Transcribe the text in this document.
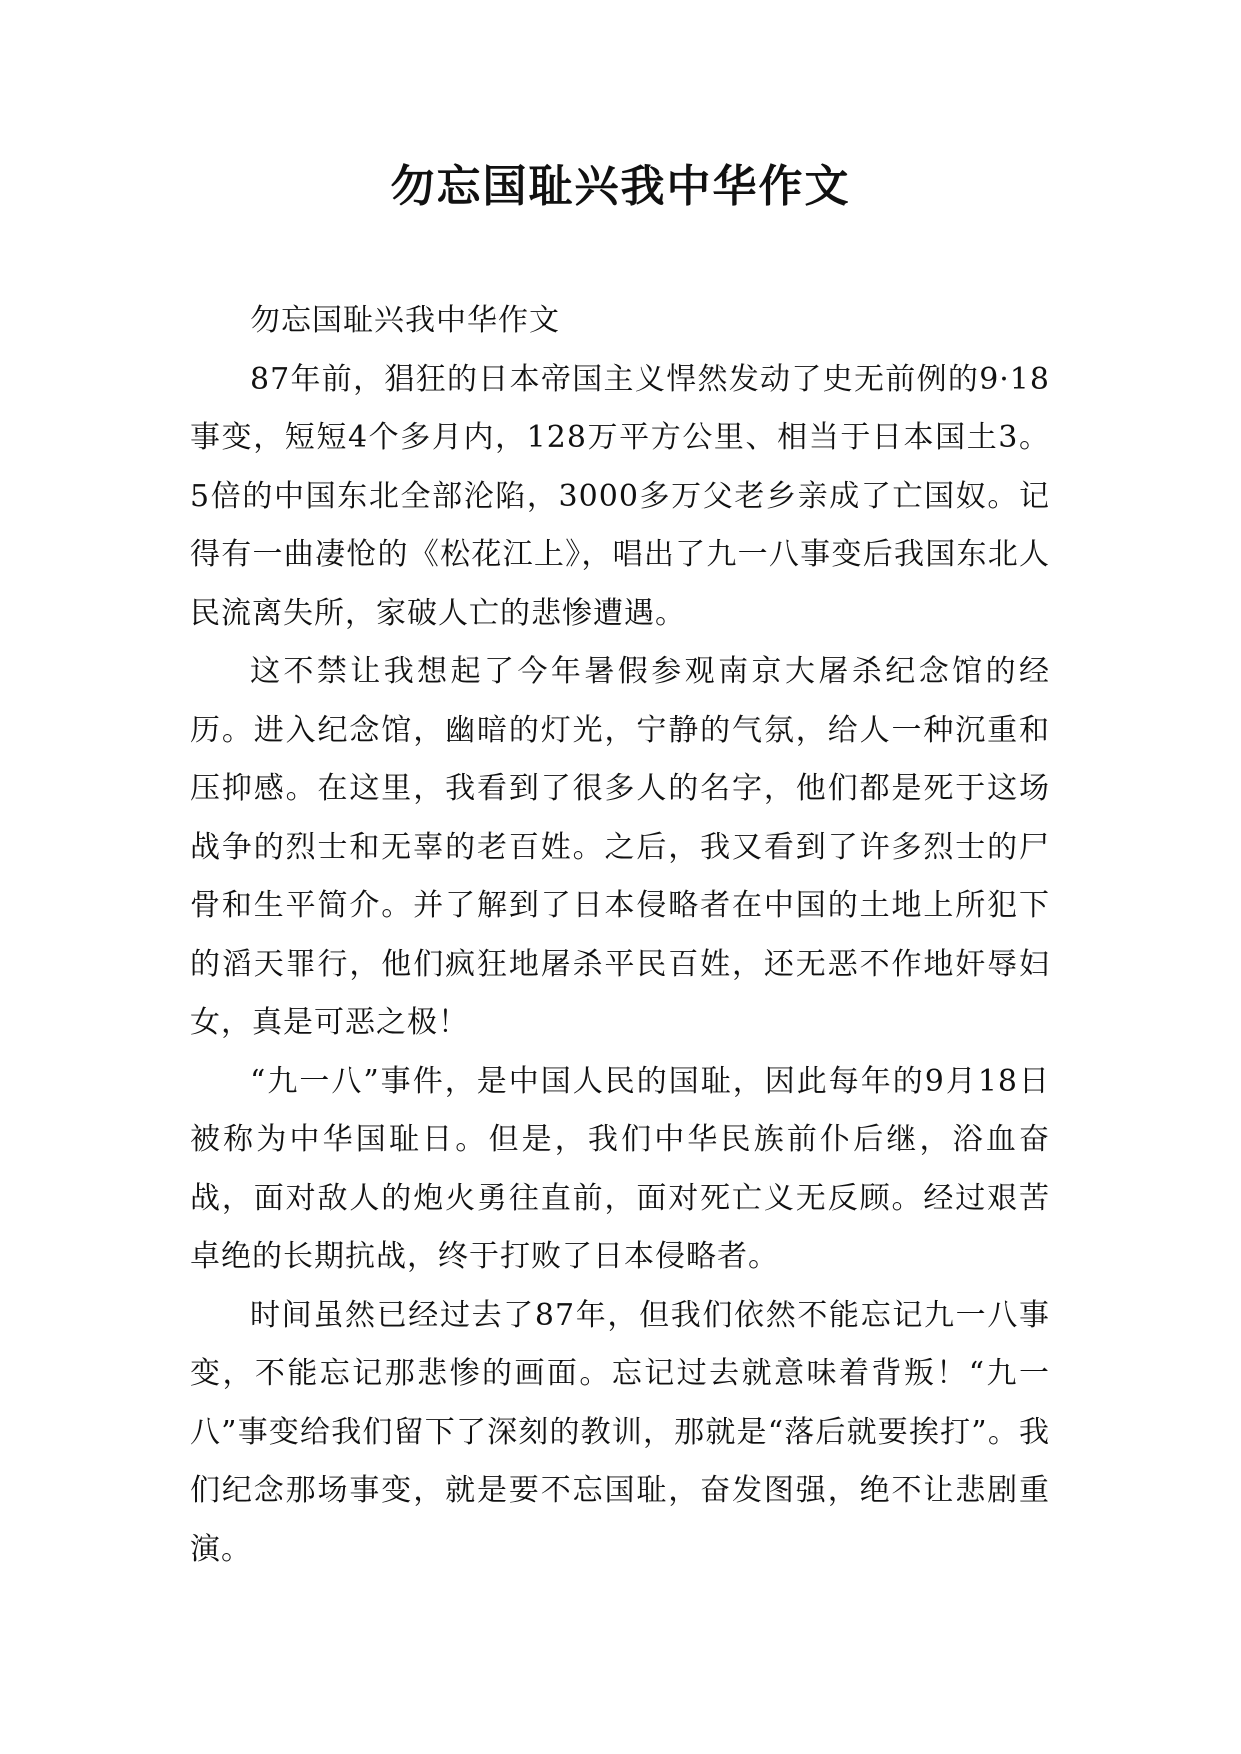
勿忘国耻兴我中华作文

勿忘国耻兴我中华作文

87年前，猖狂的日本帝国主义悍然发动了史无前例的9·18事变，短短4个多月内，128万平方公里、相当于日本国土3。5倍的中国东北全部沦陷，3000多万父老乡亲成了亡国奴。记得有一曲凄怆的《松花江上》，唱出了九一八事变后我国东北人民流离失所，家破人亡的悲惨遭遇。

这不禁让我想起了今年暑假参观南京大屠杀纪念馆的经历。进入纪念馆，幽暗的灯光，宁静的气氛，给人一种沉重和压抑感。在这里，我看到了很多人的名字，他们都是死于这场战争的烈士和无辜的老百姓。之后，我又看到了许多烈士的尸骨和生平简介。并了解到了日本侵略者在中国的土地上所犯下的滔天罪行，他们疯狂地屠杀平民百姓，还无恶不作地奸辱妇女，真是可恶之极！

“九一八”事件，是中国人民的国耻，因此每年的9月18日被称为中华国耻日。但是，我们中华民族前仆后继，浴血奋战，面对敌人的炮火勇往直前，面对死亡义无反顾。经过艰苦卓绝的长期抗战，终于打败了日本侵略者。

时间虽然已经过去了87年，但我们依然不能忘记九一八事变，不能忘记那悲惨的画面。忘记过去就意味着背叛！“九一八”事变给我们留下了深刻的教训，那就是“落后就要挨打”。我们纪念那场事变，就是要不忘国耻，奋发图强，绝不让悲剧重演。
